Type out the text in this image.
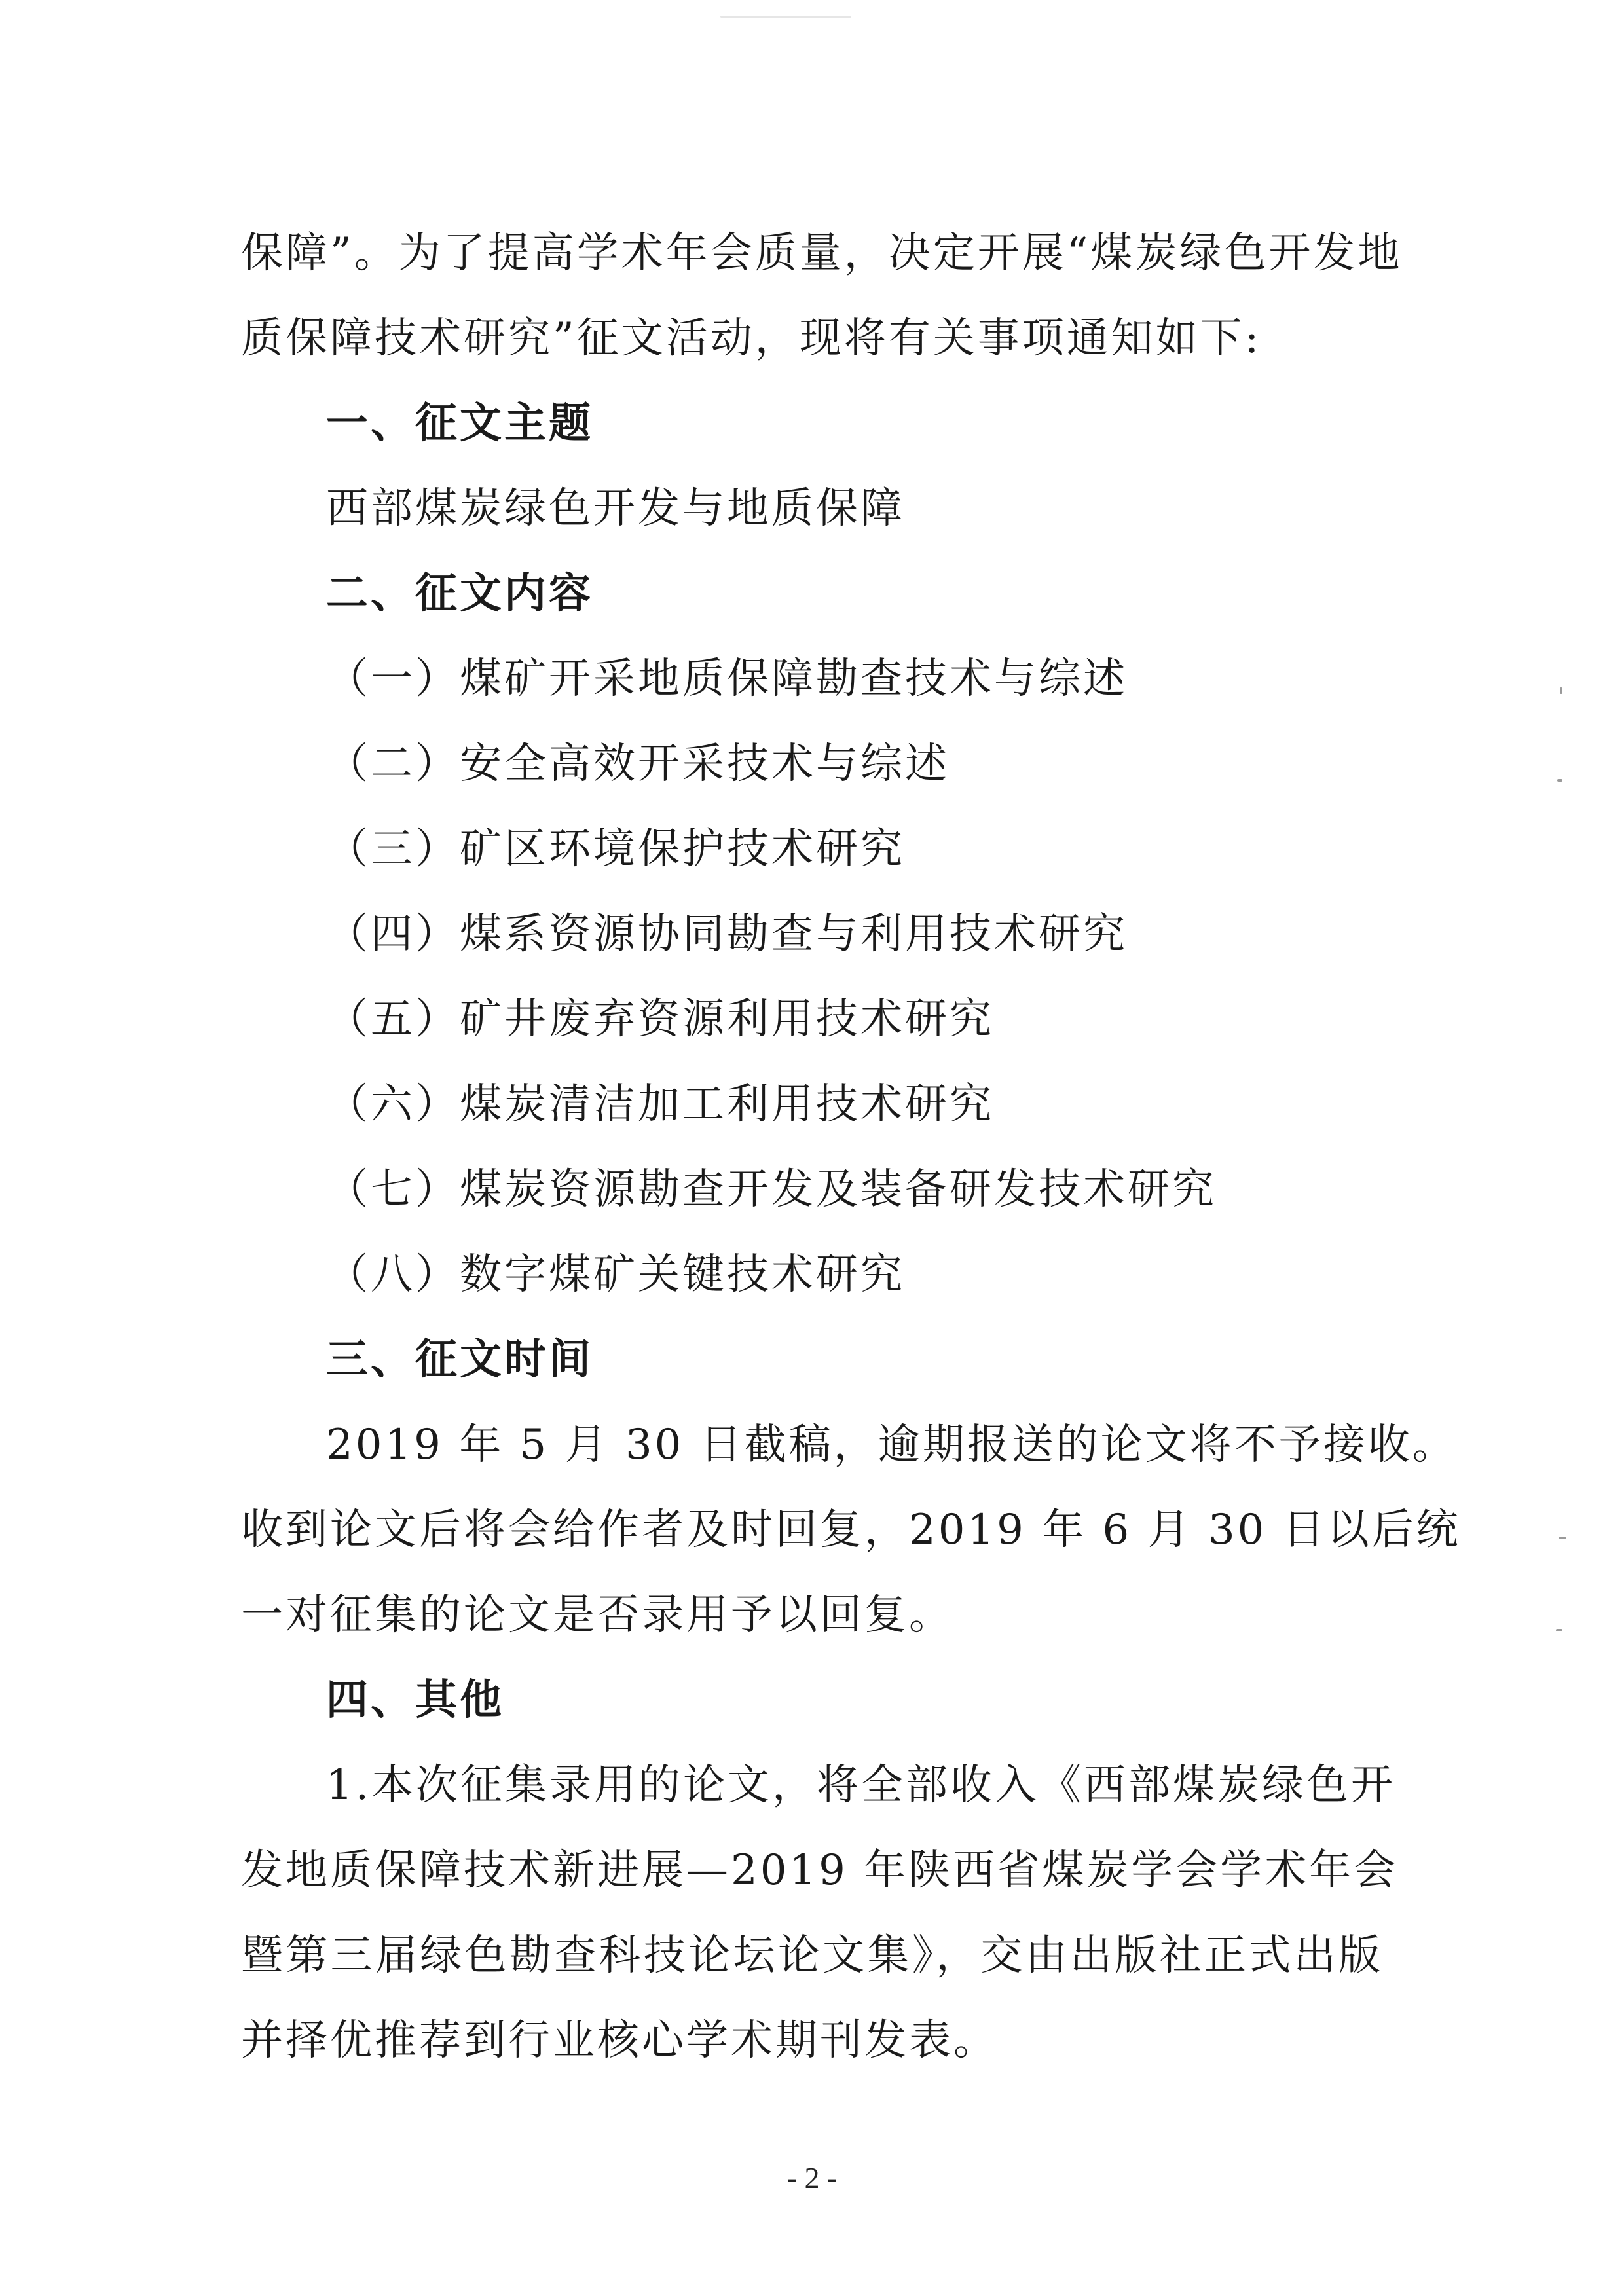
保障”。为了提高学术年会质量，决定开展“煤炭绿色开发地
质保障技术研究”征文活动，现将有关事项通知如下:
一、征文主题
西部煤炭绿色开发与地质保障
二、征文内容
（一）煤矿开采地质保障勘查技术与综述
（二）安全高效开采技术与综述
（三）矿区环境保护技术研究
（四）煤系资源协同勘查与利用技术研究
（五）矿井废弃资源利用技术研究
（六）煤炭清洁加工利用技术研究
（七）煤炭资源勘查开发及装备研发技术研究
（八）数字煤矿关键技术研究
三、征文时间
2019 年 5 月 30 日截稿，逾期报送的论文将不予接收。
收到论文后将会给作者及时回复，2019 年 6 月 30 日以后统
一对征集的论文是否录用予以回复。
四、其他
1.本次征集录用的论文，将全部收入《西部煤炭绿色开
发地质保障技术新进展—2019 年陕西省煤炭学会学术年会
暨第三届绿色勘查科技论坛论文集》，交由出版社正式出版
并择优推荐到行业核心学术期刊发表。
- 2 -
